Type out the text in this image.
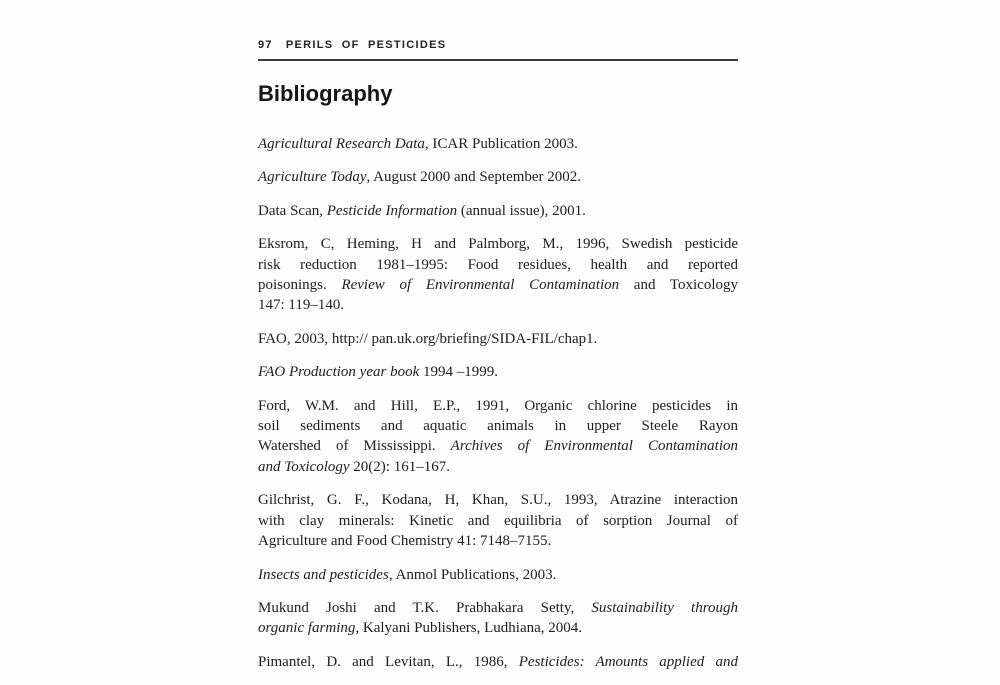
97 PERILS OF PESTICIDES
Bibliography

Agricultural Research Data, ICAR Publication 2003.

Agriculture Today, August 2000 and September 2002.

Data Scan, Pesticide Information (annual issue), 2001.

Eksrom, C, Heming, H and Palmborg, M., 1996, Swedish pesticide
risk reduction 1981–1995: Food residues, health and reported
poisonings. Review of Environmental Contamination and Toxicology
147: 119–140.

FAO, 2003, http:// pan.uk.org/briefing/SIDA-FIL/chap1.

FAO Production year book 1994 –1999.

Ford, W.M. and Hill, E.P., 1991, Organic chlorine pesticides in
soil sediments and aquatic animals in upper Steele Rayon
Watershed of Mississippi. Archives of Environmental Contamination
and Toxicology 20(2): 161–167.

Gilchrist, G. F., Kodana, H, Khan, S.U., 1993, Atrazine interaction
with clay minerals: Kinetic and equilibria of sorption Journal of
Agriculture and Food Chemistry 41: 7148–7155.

Insects and pesticides, Anmol Publications, 2003.

Mukund Joshi and T.K. Prabhakara Setty, Sustainability through
organic farming, Kalyani Publishers, Ludhiana, 2004.

Pimantel, D. and Levitan, L., 1986, Pesticides: Amounts applied and
